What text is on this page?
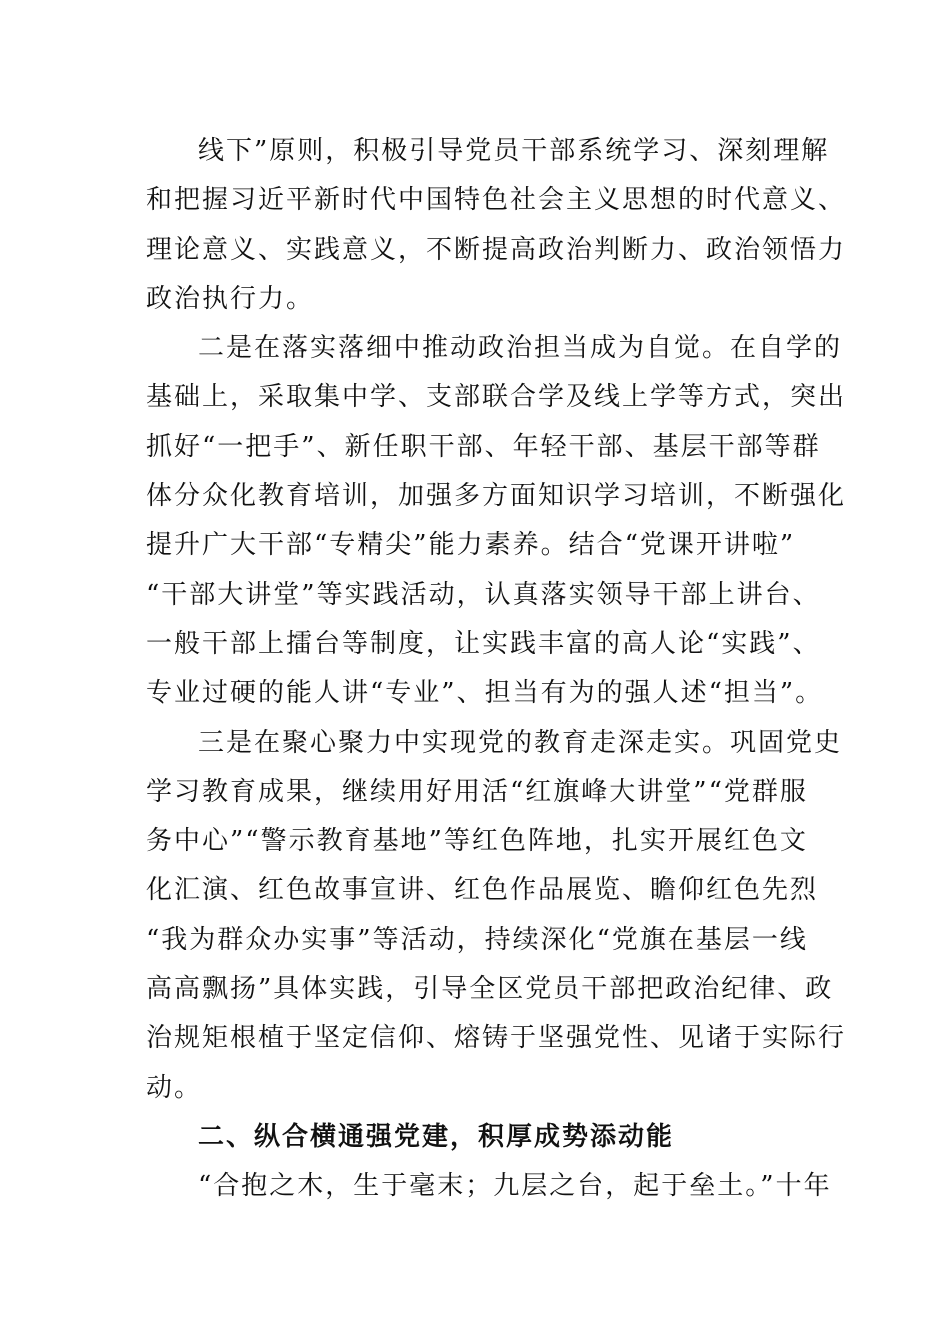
线下”原则，积极引导党员干部系统学习、深刻理解
和把握习近平新时代中国特色社会主义思想的时代意义、
理论意义、实践意义，不断提高政治判断力、政治领悟力
政治执行力。

二是在落实落细中推动政治担当成为自觉。在自学的
基础上，采取集中学、支部联合学及线上学等方式，突出
抓好“一把手”、新任职干部、年轻干部、基层干部等群
体分众化教育培训，加强多方面知识学习培训，不断强化
提升广大干部“专精尖”能力素养。结合“党课开讲啦”
“干部大讲堂”等实践活动，认真落实领导干部上讲台、
一般干部上擂台等制度，让实践丰富的高人论“实践”、
专业过硬的能人讲“专业”、担当有为的强人述“担当”。

三是在聚心聚力中实现党的教育走深走实。巩固党史
学习教育成果，继续用好用活“红旗峰大讲堂”“党群服
务中心”“警示教育基地”等红色阵地，扎实开展红色文
化汇演、红色故事宣讲、红色作品展览、瞻仰红色先烈
“我为群众办实事”等活动，持续深化“党旗在基层一线
高高飘扬”具体实践，引导全区党员干部把政治纪律、政
治规矩根植于坚定信仰、熔铸于坚强党性、见诸于实际行
动。

二、纵合横通强党建，积厚成势添动能

“合抱之木，生于毫末；九层之台，起于垒土。”十年
